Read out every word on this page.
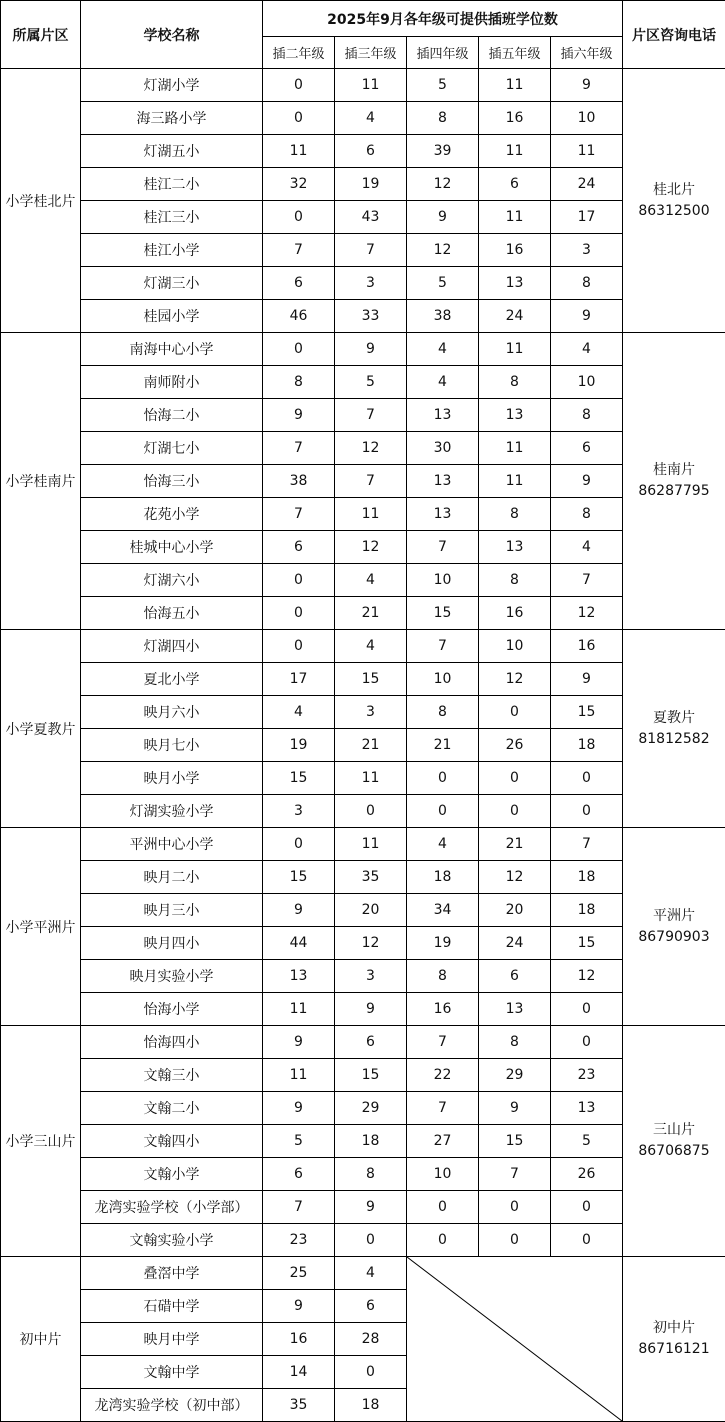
所属片区	学校名称	2025年9月各年级可提供插班学位数					片区咨询电话
		插二年级	插三年级	插四年级	插五年级	插六年级	
小学桂北片	灯湖小学	0	11	5	11	9	桂北片
86312500

	海三路小学	0	4	8	16	10	
	灯湖五小	11	6	39	11	11	
	桂江二小	32	19	12	6	24	
	桂江三小	0	43	9	11	17	
	桂江小学	7	7	12	16	3	
	灯湖三小	6	3	5	13	8	
	桂园小学	46	33	38	24	9	
小学桂南片	南海中心小学	0	9	4	11	4	桂南片
86287795

	南师附小	8	5	4	8	10	
	怡海二小	9	7	13	13	8	
	灯湖七小	7	12	30	11	6	
	怡海三小	38	7	13	11	9	
	花苑小学	7	11	13	8	8	
	桂城中心小学	6	12	7	13	4	
	灯湖六小	0	4	10	8	7	
	怡海五小	0	21	15	16	12	
小学夏教片	灯湖四小	0	4	7	10	16	夏教片
81812582

	夏北小学	17	15	10	12	9	
	映月六小	4	3	8	0	15	
	映月七小	19	21	21	26	18	
	映月小学	15	11	0	0	0	
	灯湖实验小学	3	0	0	0	0	
小学平洲片	平洲中心小学	0	11	4	21	7	平洲片
86790903

	映月二小	15	35	18	12	18	
	映月三小	9	20	34	20	18	
	映月四小	44	12	19	24	15	
	映月实验小学	13	3	8	6	12	
	怡海小学	11	9	16	13	0	
小学三山片	怡海四小	9	6	7	8	0	三山片
86706875

	文翰三小	11	15	22	29	23	
	文翰二小	9	29	7	9	13	
	文翰四小	5	18	27	15	5	
	文翰小学	6	8	10	7	26	
	龙湾实验学校（小学部）	7	9	0	0	0	
	文翰实验小学	23	0	0	0	0	
初中片	叠滘中学	25	4				初中片
86716121

	石碏中学	9	6				
	映月中学	16	28				
	文翰中学	14	0				
	龙湾实验学校（初中部）	35	18				
